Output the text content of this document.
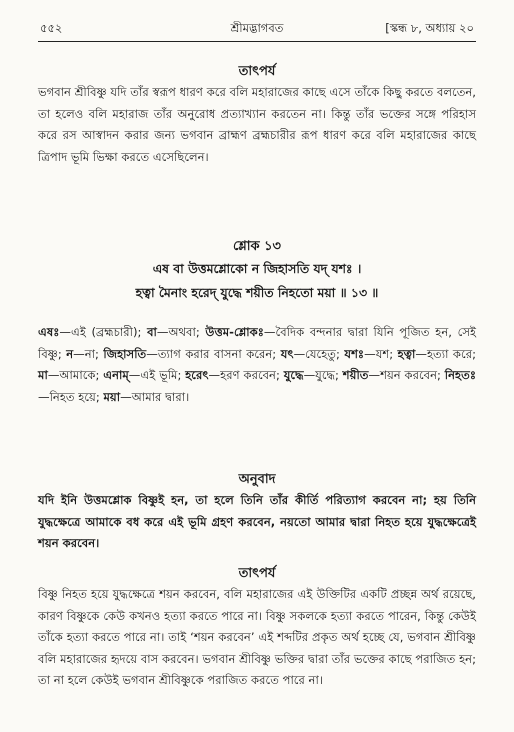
৫৫২	শ্রীমদ্ভাগবত	[স্কন্ধ ৮, অধ্যায় ২০
তাৎপর্য

ভগবান শ্রীবিষ্ণু যদি তাঁর স্বরূপ ধারণ করে বলি মহারাজের কাছে এসে তাঁকে কিছু করতে বলতেন, তা হলেও বলি মহারাজ তাঁর অনুরোধ প্রত্যাখ্যান করতেন না। কিন্তু তাঁর ভক্তের সঙ্গে পরিহাস করে রস আস্বাদন করার জন্য ভগবান ব্রাহ্মণ ব্রহ্মচারীর রূপ ধারণ করে বলি মহারাজের কাছে ত্রিপাদ ভূমি ভিক্ষা করতে এসেছিলেন।

শ্লোক ১৩
এষ বা উত্তমশ্লোকো ন জিহাসতি যদ্‌ যশঃ ।
হত্বা মৈনাং হরেদ্‌ যুদ্ধে শয়ীত নিহতো ময়া ॥ ১৩ ॥

এষঃ—এই (ব্রহ্মচারী); বা—অথবা; উত্তম-শ্লোকঃ—বৈদিক বন্দনার দ্বারা যিনি পূজিত হন, সেই বিষ্ণু; ন—না; জিহাসতি—ত্যাগ করার বাসনা করেন; যৎ—যেহেতু; যশঃ—যশ; হত্বা—হত্যা করে; মা—আমাকে; এনাম্‌—এই ভূমি; হরেৎ—হরণ করবেন; যুদ্ধে—যুদ্ধে; শয়ীত—শয়ন করবেন; নিহতঃ—নিহত হয়ে; ময়া—আমার দ্বারা।

অনুবাদ

যদি ইনি উত্তমশ্লোক বিষ্ণুই হন, তা হলে তিনি তাঁর কীর্তি পরিত্যাগ করবেন না; হয় তিনি যুদ্ধক্ষেত্রে আমাকে বধ করে এই ভূমি গ্রহণ করবেন, নয়তো আমার দ্বারা নিহত হয়ে যুদ্ধক্ষেত্রেই শয়ন করবেন।

তাৎপর্য

বিষ্ণু নিহত হয়ে যুদ্ধক্ষেত্রে শয়ন করবেন, বলি মহারাজের এই উক্তিটির একটি প্রচ্ছন্ন অর্থ রয়েছে, কারণ বিষ্ণুকে কেউ কখনও হত্যা করতে পারে না। বিষ্ণু সকলকে হত্যা করতে পারেন, কিন্তু কেউই তাঁকে হত্যা করতে পারে না। তাই ‘শয়ন করবেন’ এই শব্দটির প্রকৃত অর্থ হচ্ছে যে, ভগবান শ্রীবিষ্ণু বলি মহারাজের হৃদয়ে বাস করবেন। ভগবান শ্রীবিষ্ণু ভক্তির দ্বারা তাঁর ভক্তের কাছে পরাজিত হন; তা না হলে কেউই ভগবান শ্রীবিষ্ণুকে পরাজিত করতে পারে না।
